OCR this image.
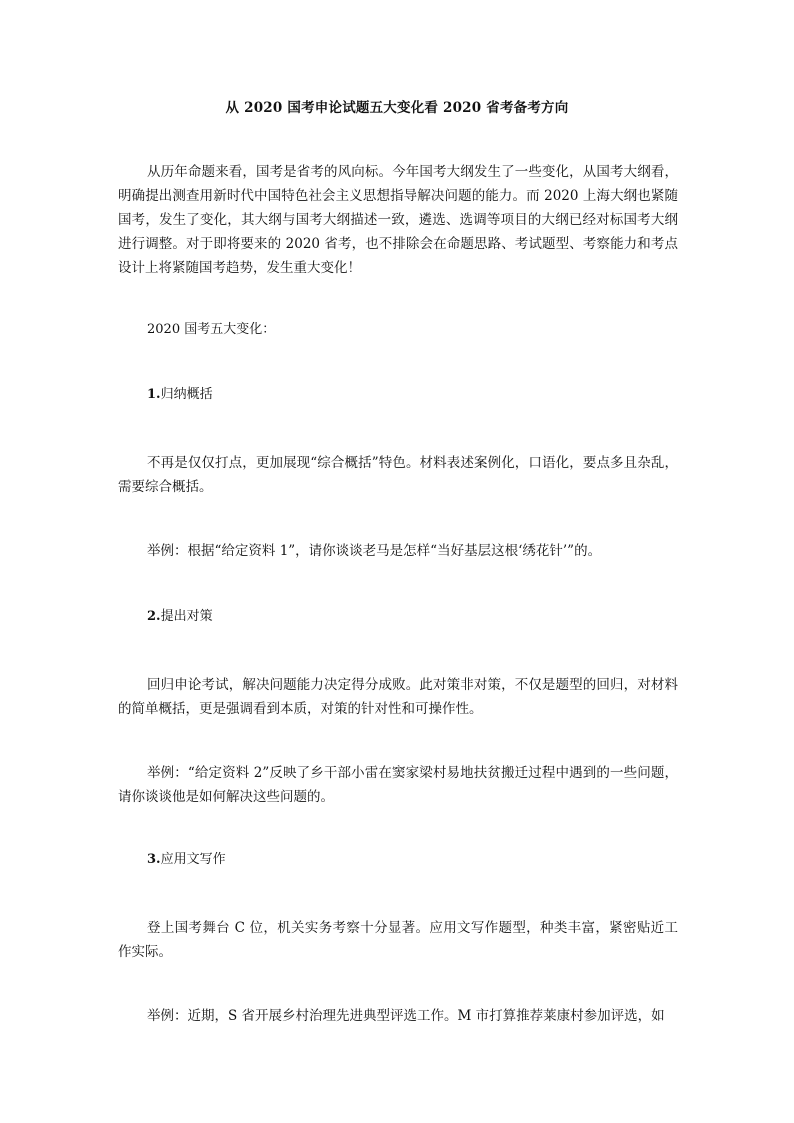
从 2020 国考申论试题五大变化看 2020 省考备考方向

从历年命题来看，国考是省考的风向标。今年国考大纲发生了一些变化，从国考大纲看，明确提出测查用新时代中国特色社会主义思想指导解决问题的能力。而 2020 上海大纲也紧随国考，发生了变化，其大纲与国考大纲描述一致，遴选、选调等项目的大纲已经对标国考大纲进行调整。对于即将要来的 2020 省考，也不排除会在命题思路、考试题型、考察能力和考点设计上将紧随国考趋势，发生重大变化！

2020 国考五大变化：

1.归纳概括

不再是仅仅打点，更加展现“综合概括”特色。材料表述案例化，口语化，要点多且杂乱，需要综合概括。

举例：根据“给定资料 1”，请你谈谈老马是怎样“当好基层这根‘绣花针’”的。

2.提出对策

回归申论考试，解决问题能力决定得分成败。此对策非对策，不仅是题型的回归，对材料的简单概括，更是强调看到本质，对策的针对性和可操作性。

举例：“给定资料 2”反映了乡干部小雷在窦家梁村易地扶贫搬迁过程中遇到的一些问题，请你谈谈他是如何解决这些问题的。

3.应用文写作

登上国考舞台 C 位，机关实务考察十分显著。应用文写作题型，种类丰富，紧密贴近工作实际。

举例：近期，S 省开展乡村治理先进典型评选工作。M 市打算推荐莱康村参加评选，如
